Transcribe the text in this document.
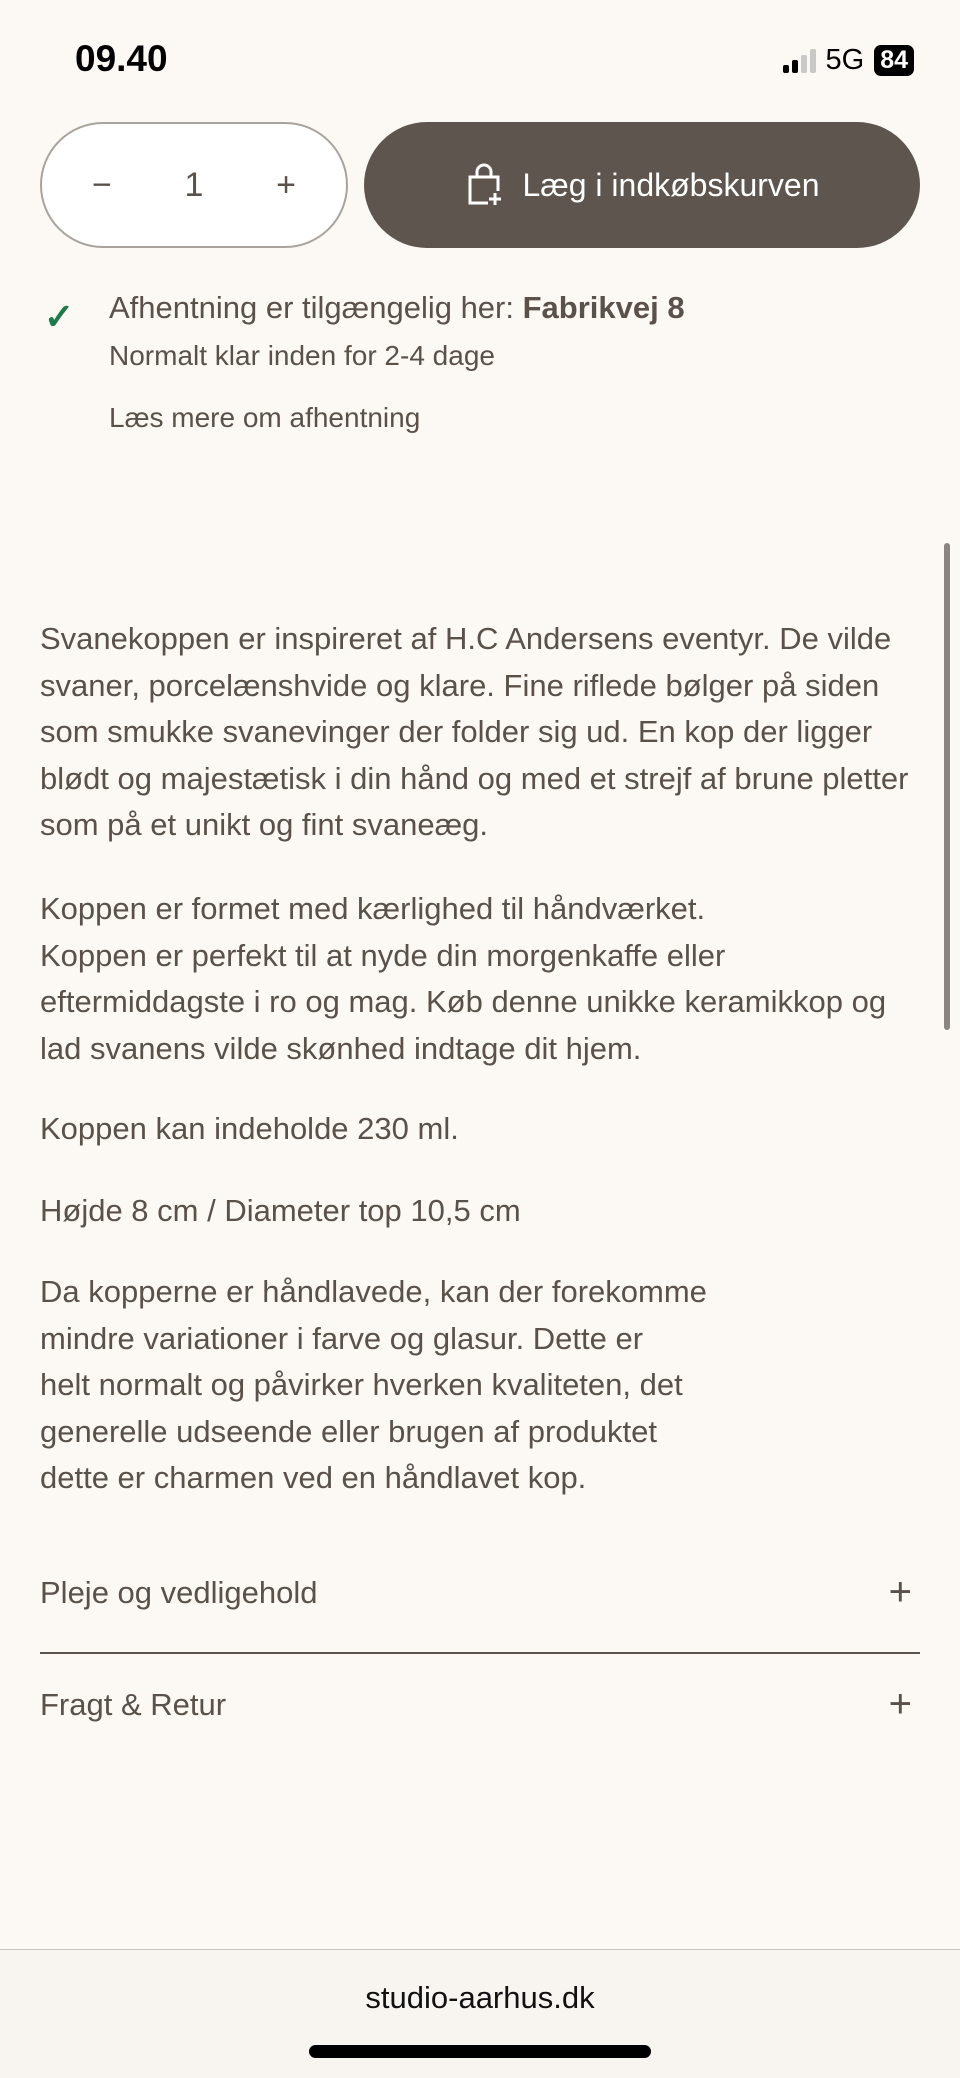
09.40	5G 84
− 1 +	Læg i indkøbskurven
✓ Afhentning er tilgængelig her: Fabrikvej 8
Normalt klar inden for 2-4 dage
Læs mere om afhentning

Svanekoppen er inspireret af H.C Andersens eventyr. De vilde svaner, porcelænshvide og klare. Fine riflede bølger på siden som smukke svanevinger der folder sig ud. En kop der ligger blødt og majestætisk i din hånd og med et strejf af brune pletter som på et unikt og fint svaneæg.

Koppen er formet med kærlighed til håndværket.
Koppen er perfekt til at nyde din morgenkaffe eller eftermiddagste i ro og mag. Køb denne unikke keramikkop og lad svanens vilde skønhed indtage dit hjem.

Koppen kan indeholde 230 ml.

Højde 8 cm / Diameter top 10,5 cm

Da kopperne er håndlavede, kan der forekomme
mindre variationer i farve og glasur. Dette er
helt normalt og påvirker hverken kvaliteten, det
generelle udseende eller brugen af produktet
dette er charmen ved en håndlavet kop.

Pleje og vedligehold	+
Fragt & Retur	+
studio-aarhus.dk
